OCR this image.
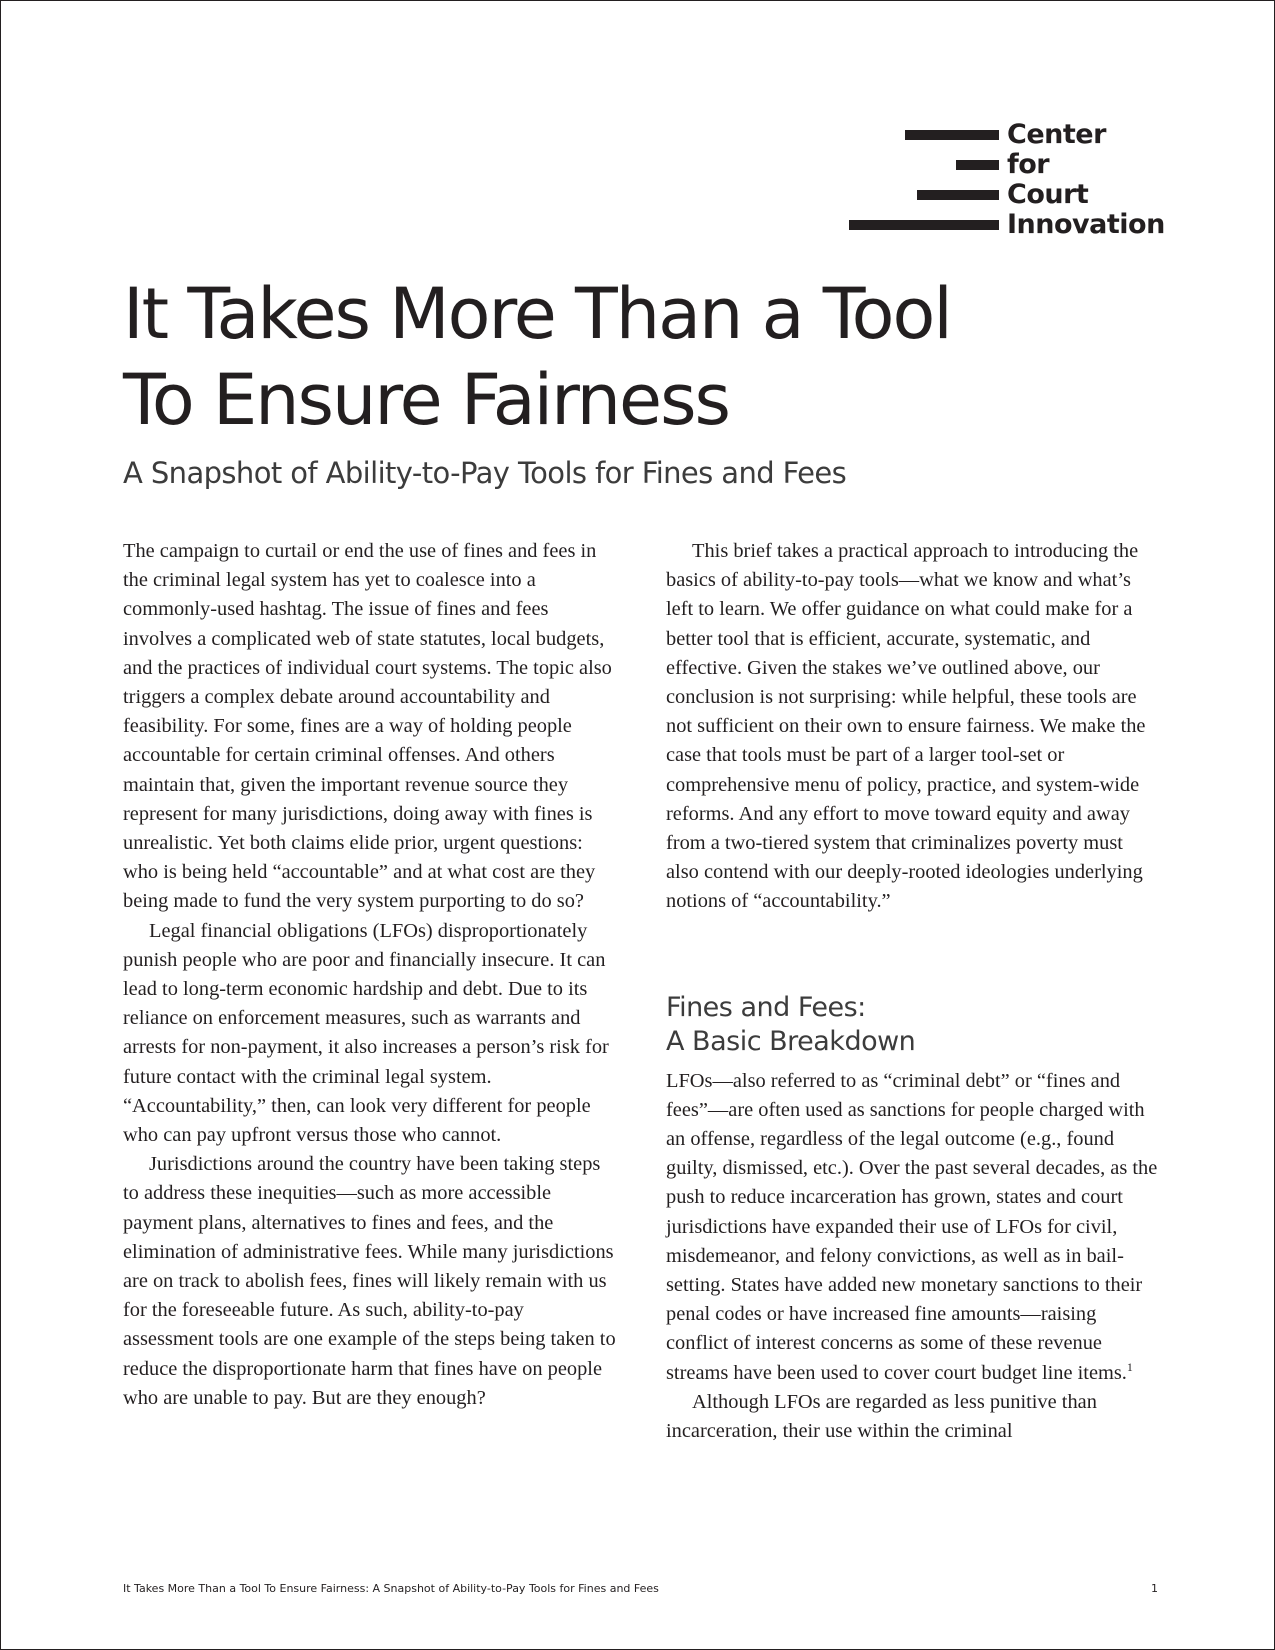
Center
for
Court
Innovation
It Takes More Than a Tool
To Ensure Fairness
A Snapshot of Ability-to-Pay Tools for Fines and Fees

The campaign to curtail or end the use of fines and fees in the criminal legal system has yet to coalesce into a commonly-used hashtag. The issue of fines and fees involves a complicated web of state statutes, local budgets, and the practices of individual court systems. The topic also triggers a complex debate around accountability and feasibility. For some, fines are a way of holding people accountable for certain criminal offenses. And others maintain that, given the important revenue source they represent for many jurisdictions, doing away with fines is unrealistic. Yet both claims elide prior, urgent questions: who is being held “accountable” and at what cost are they being made to fund the very system purporting to do so?

Legal financial obligations (LFOs) disproportionately punish people who are poor and financially insecure. It can lead to long-term economic hardship and debt. Due to its reliance on enforcement measures, such as warrants and arrests for non-payment, it also increases a person’s risk for future contact with the criminal legal system. “Accountability,” then, can look very different for people who can pay upfront versus those who cannot.

Jurisdictions around the country have been taking steps to address these inequities—such as more accessible payment plans, alternatives to fines and fees, and the elimination of administrative fees. While many jurisdictions are on track to abolish fees, fines will likely remain with us for the foreseeable future. As such, ability-to-pay assessment tools are one example of the steps being taken to reduce the disproportionate harm that fines have on people who are unable to pay. But are they enough?

This brief takes a practical approach to introducing the basics of ability-to-pay tools—what we know and what’s left to learn. We offer guidance on what could make for a better tool that is efficient, accurate, systematic, and effective. Given the stakes we’ve outlined above, our conclusion is not surprising: while helpful, these tools are not sufficient on their own to ensure fairness. We make the case that tools must be part of a larger tool-set or comprehensive menu of policy, practice, and system-wide reforms. And any effort to move toward equity and away from a two-tiered system that criminalizes poverty must also contend with our deeply-rooted ideologies underlying notions of “accountability.”

Fines and Fees:
A Basic Breakdown

LFOs—also referred to as “criminal debt” or “fines and fees”—are often used as sanctions for people charged with an offense, regardless of the legal outcome (e.g., found guilty, dismissed, etc.). Over the past several decades, as the push to reduce incarceration has grown, states and court jurisdictions have expanded their use of LFOs for civil, misdemeanor, and felony convictions, as well as in bail-setting. States have added new monetary sanctions to their penal codes or have increased fine amounts—raising conflict of interest concerns as some of these revenue streams have been used to cover court budget line items.$^1$

Although LFOs are regarded as less punitive than incarceration, their use within the criminal

It Takes More Than a Tool To Ensure Fairness: A Snapshot of Ability-to-Pay Tools for Fines and Fees	1
